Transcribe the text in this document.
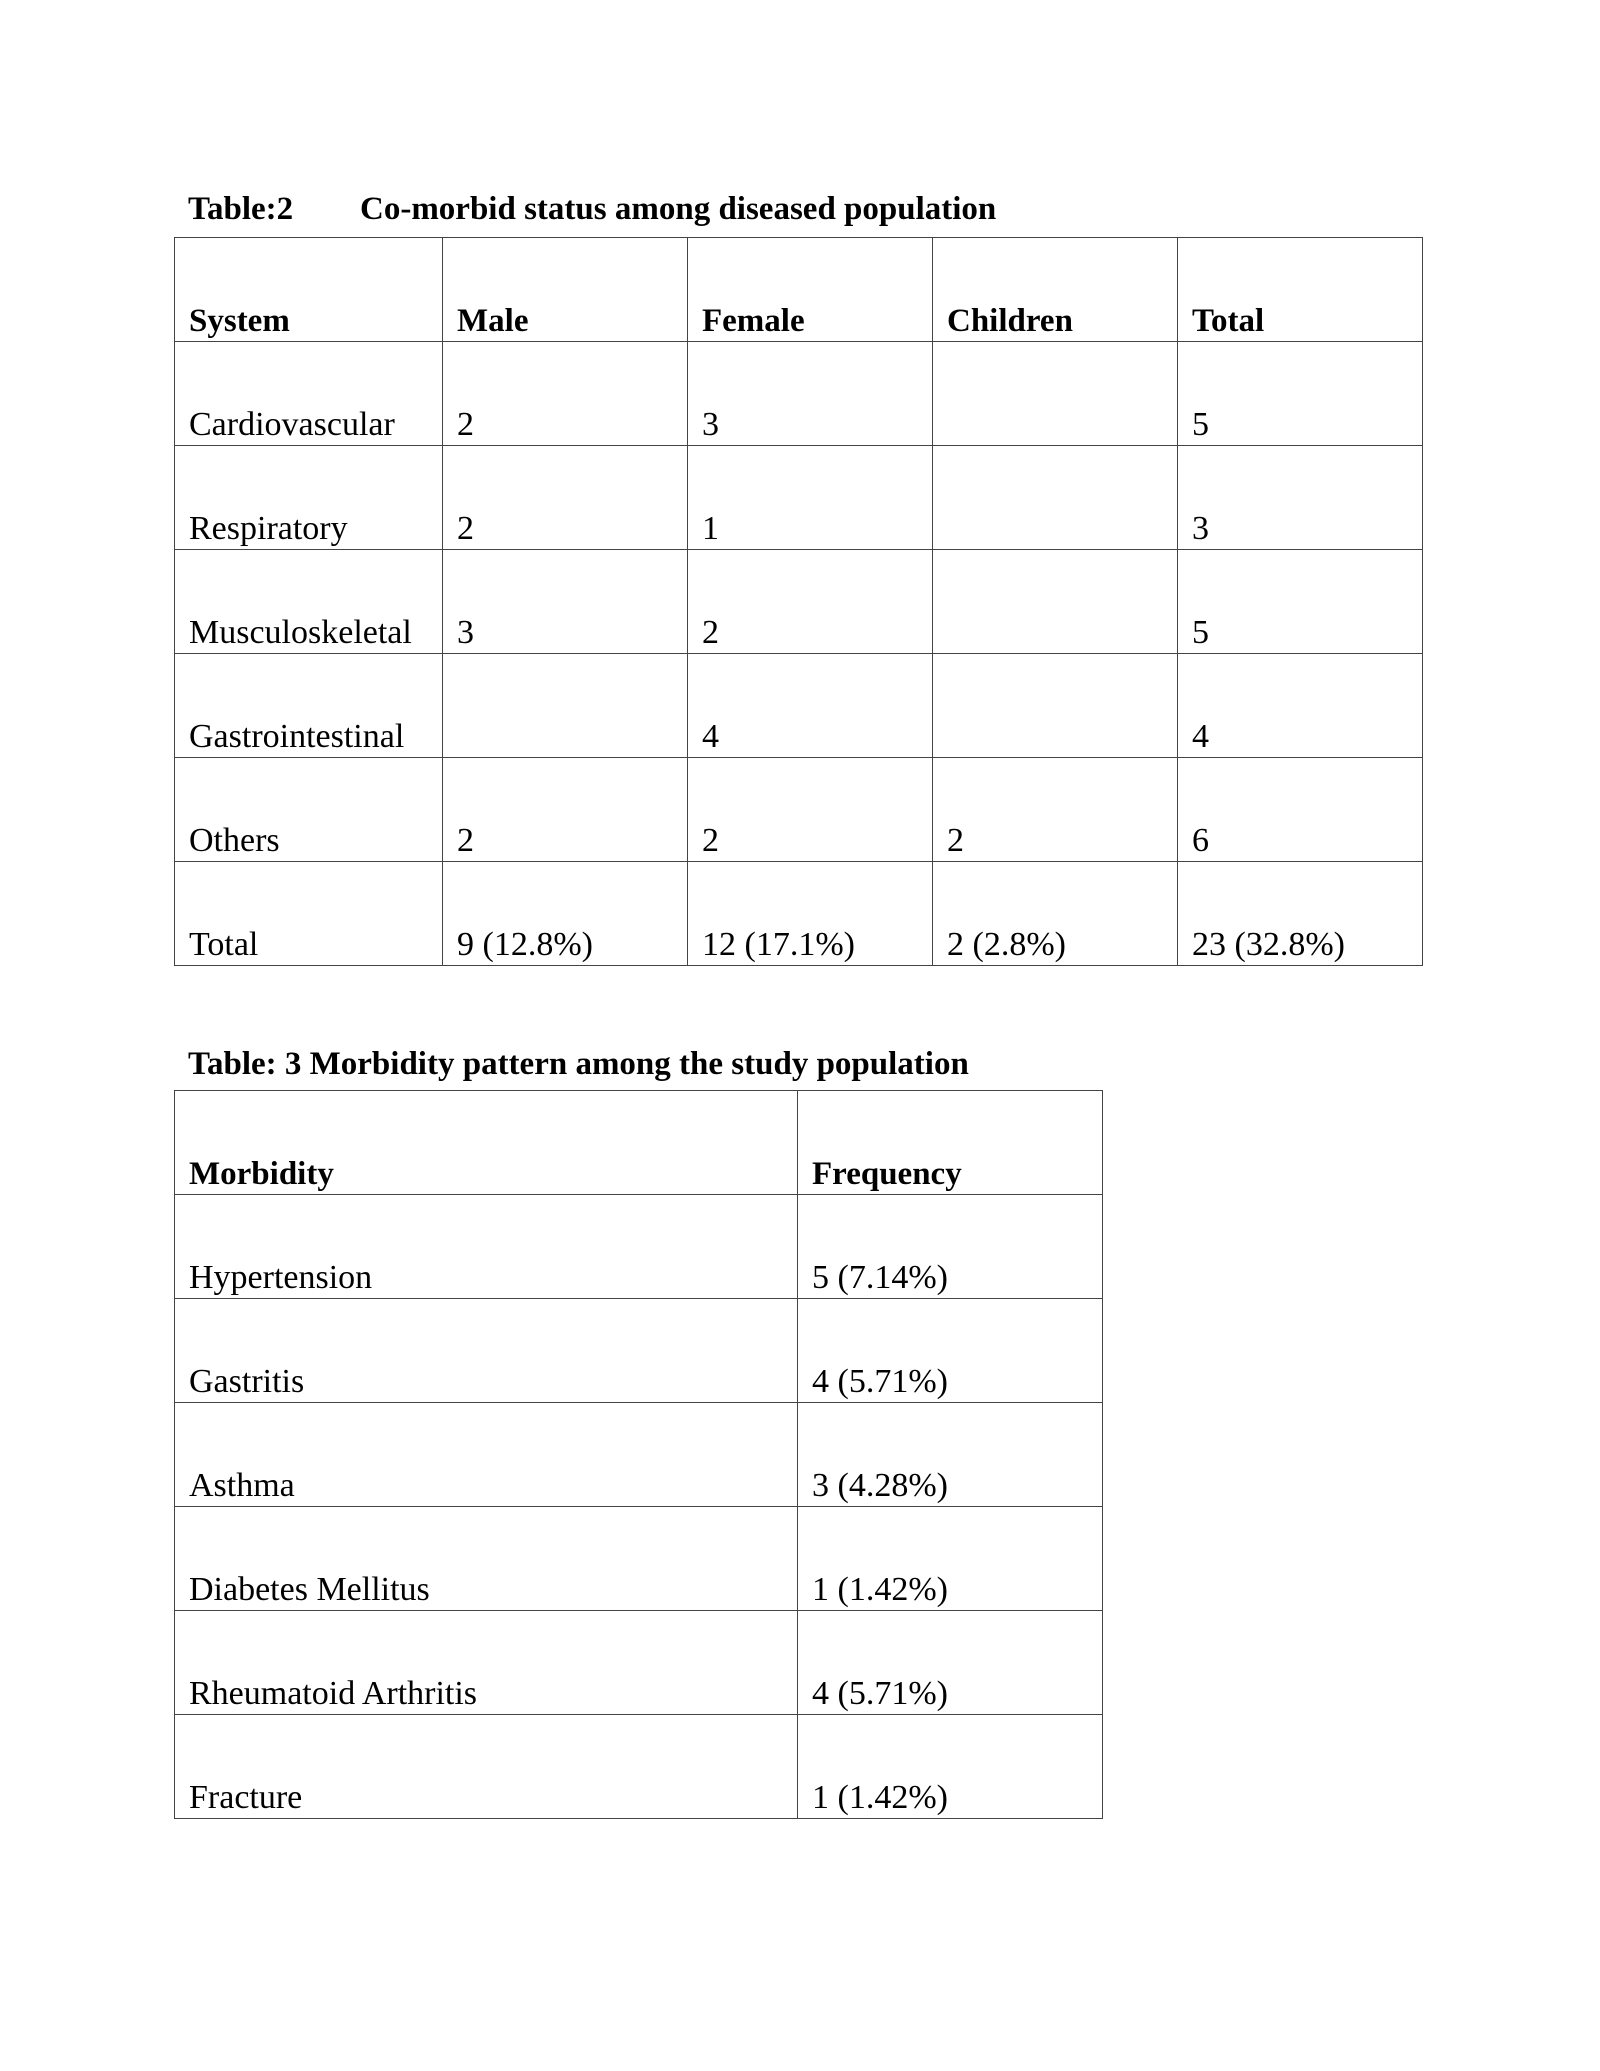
Table:2 Co-morbid status among diseased population
System	Male	Female	Children	Total
Cardiovascular	2	3		5
Respiratory	2	1		3
Musculoskeletal	3	2		5
Gastrointestinal		4		4
Others	2	2	2	6
Total	9 (12.8%)	12 (17.1%)	2 (2.8%)	23 (32.8%)
Table: 3 Morbidity pattern among the study population
Morbidity	Frequency
Hypertension	5 (7.14%)
Gastritis	4 (5.71%)
Asthma	3 (4.28%)
Diabetes Mellitus	1 (1.42%)
Rheumatoid Arthritis	4 (5.71%)
Fracture	1 (1.42%)
